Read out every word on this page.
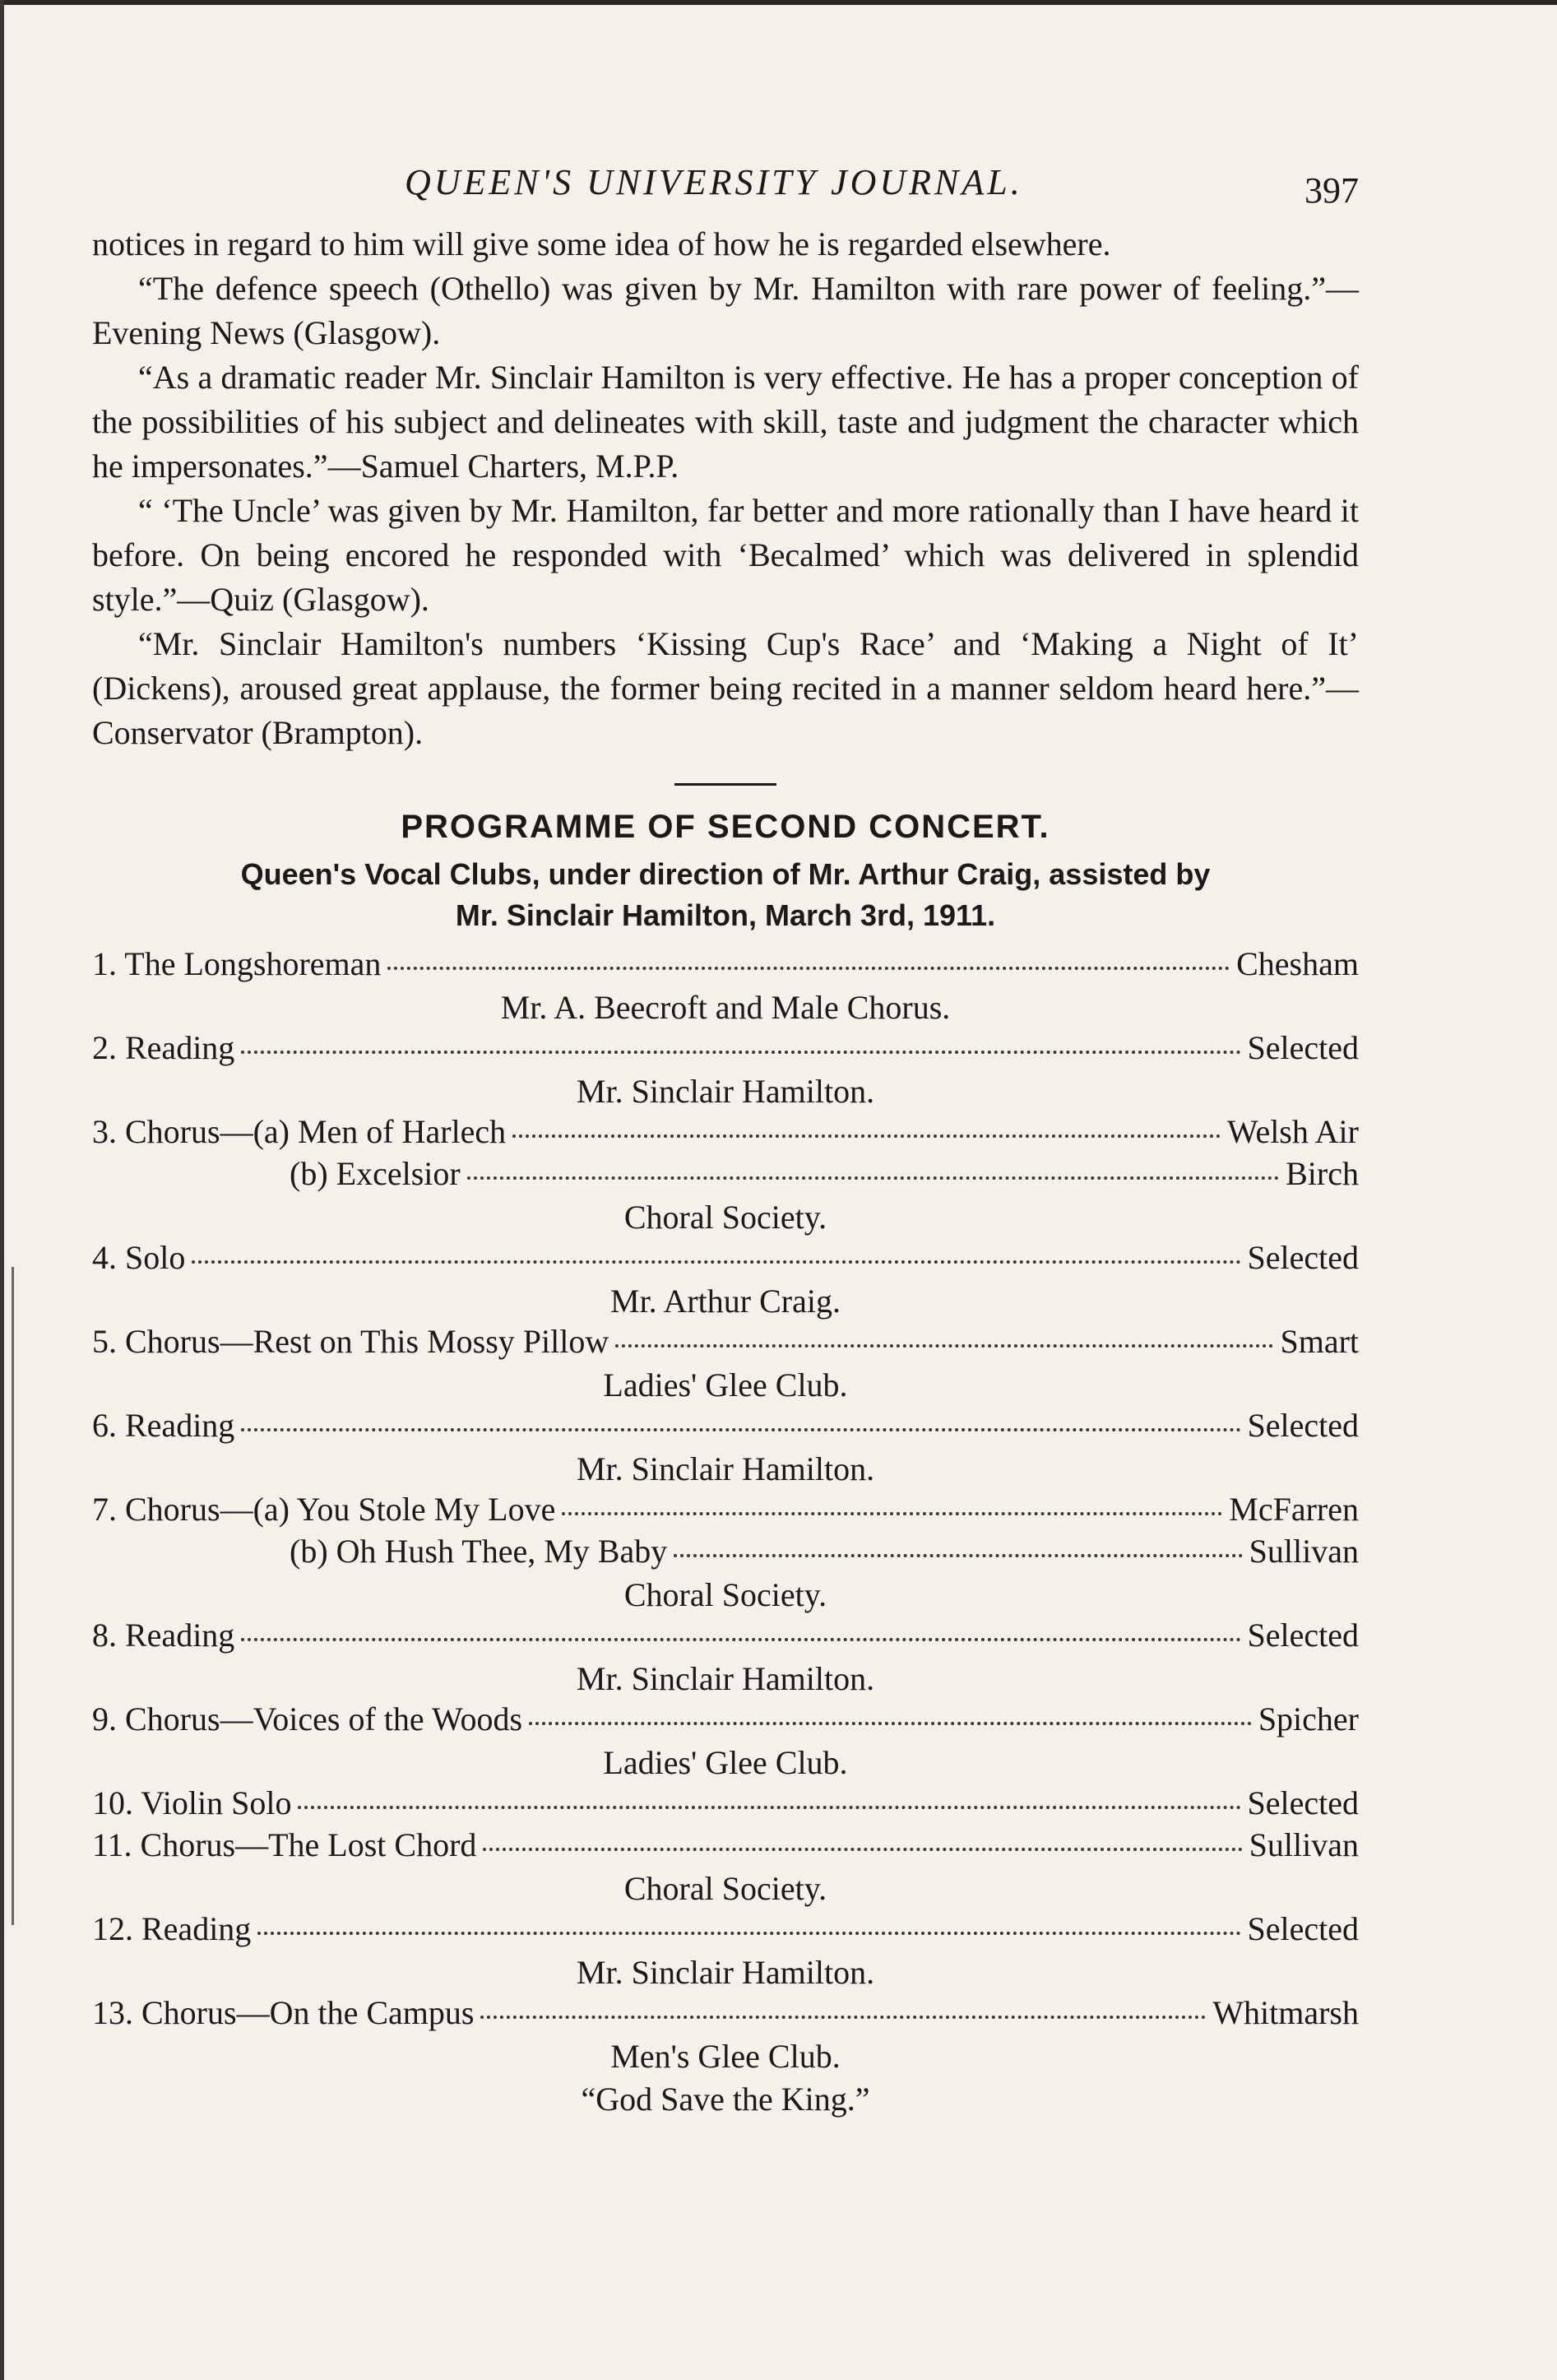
QUEEN'S UNIVERSITY JOURNAL.	397

notices in regard to him will give some idea of how he is regarded elsewhere.

“The defence speech (Othello) was given by Mr. Hamilton with rare power of feeling.”—Evening News (Glasgow).

“As a dramatic reader Mr. Sinclair Hamilton is very effective. He has a proper conception of the possibilities of his subject and delineates with skill, taste and judgment the character which he impersonates.”—Samuel Charters, M.P.P.

“ ‘The Uncle’ was given by Mr. Hamilton, far better and more rationally than I have heard it before. On being encored he responded with ‘Becalmed’ which was delivered in splendid style.”—Quiz (Glasgow).

“Mr. Sinclair Hamilton's numbers ‘Kissing Cup's Race’ and ‘Making a Night of It’ (Dickens), aroused great applause, the former being recited in a manner seldom heard here.”—Conservator (Brampton).

PROGRAMME OF SECOND CONCERT.
Queen's Vocal Clubs, under direction of Mr. Arthur Craig, assisted by
Mr. Sinclair Hamilton, March 3rd, 1911.
1. The Longshoreman	Chesham
Mr. A. Beecroft and Male Chorus.
2. Reading	Selected
Mr. Sinclair Hamilton.
3. Chorus—(a) Men of Harlech	Welsh Air
(b) Excelsior	Birch
Choral Society.
4. Solo	Selected
Mr. Arthur Craig.
5. Chorus—Rest on This Mossy Pillow	Smart
Ladies' Glee Club.
6. Reading	Selected
Mr. Sinclair Hamilton.
7. Chorus—(a) You Stole My Love	McFarren
(b) Oh Hush Thee, My Baby	Sullivan
Choral Society.
8. Reading	Selected
Mr. Sinclair Hamilton.
9. Chorus—Voices of the Woods	Spicher
Ladies' Glee Club.
10. Violin Solo	Selected
11. Chorus—The Lost Chord	Sullivan
Choral Society.
12. Reading	Selected
Mr. Sinclair Hamilton.
13. Chorus—On the Campus	Whitmarsh
Men's Glee Club.
“God Save the King.”
